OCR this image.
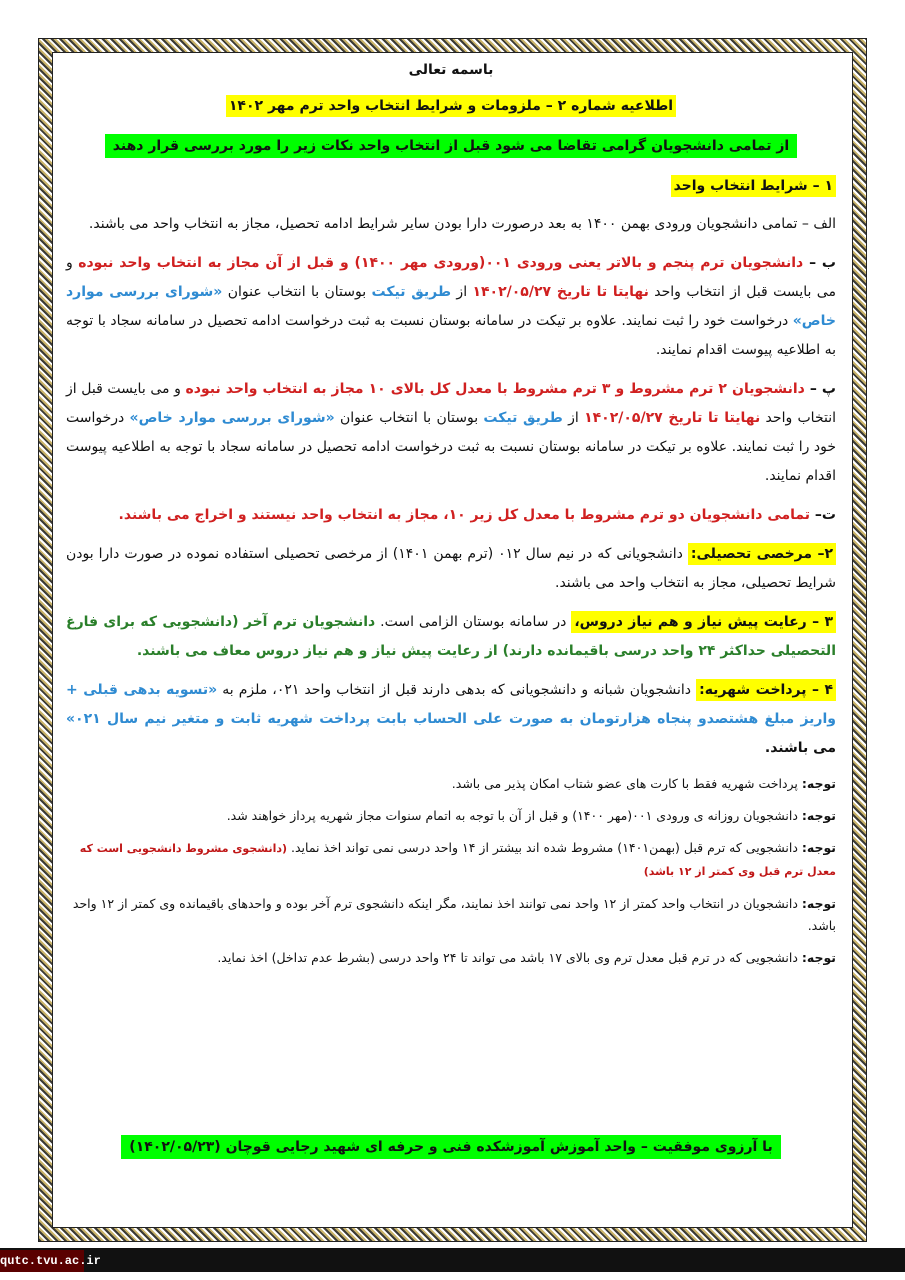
باسمه تعالی
اطلاعیه شماره ۲ – ملزومات و شرایط انتخاب واحد ترم مهر ۱۴۰۲
از تمامی دانشجویان گرامی تقاضا می شود قبل از انتخاب واحد نکات زیر را مورد بررسی قرار دهند
۱ – شرایط انتخاب واحد

الف – تمامی دانشجویان ورودی بهمن ۱۴۰۰ به بعد درصورت دارا بودن سایر شرایط ادامه تحصیل، مجاز به انتخاب واحد می باشند.

ب – دانشجویان ترم پنجم و بالاتر یعنی ورودی ۰۰۱(ورودی مهر ۱۴۰۰) و قبل از آن مجاز به انتخاب واحد نبوده و می بایست قبل از انتخاب واحد نهایتا تا تاریخ ۱۴۰۲/۰۵/۲۷ از طریق تیکت بوستان با انتخاب عنوان «شورای بررسی موارد خاص» درخواست خود را ثبت نمایند. علاوه بر تیکت در سامانه بوستان نسبت به ثبت درخواست ادامه تحصیل در سامانه سجاد با توجه به اطلاعیه پیوست اقدام نمایند.

پ – دانشجویان ۲ ترم مشروط و ۳ ترم مشروط با معدل کل بالای ۱۰ مجاز به انتخاب واحد نبوده و می بایست قبل از انتخاب واحد نهایتا تا تاریخ ۱۴۰۲/۰۵/۲۷ از طریق تیکت بوستان با انتخاب عنوان «شورای بررسی موارد خاص» درخواست خود را ثبت نمایند. علاوه بر تیکت در سامانه بوستان نسبت به ثبت درخواست ادامه تحصیل در سامانه سجاد با توجه به اطلاعیه پیوست اقدام نمایند.

ت– تمامی دانشجویان دو ترم مشروط با معدل کل زیر ۱۰، مجاز به انتخاب واحد نیستند و اخراج می باشند.

۲– مرخصی تحصیلی: دانشجویانی که در نیم سال ۰۱۲ (ترم بهمن ۱۴۰۱) از مرخصی تحصیلی استفاده نموده در صورت دارا بودن شرایط تحصیلی، مجاز به انتخاب واحد می باشند.

۳ – رعایت پیش نیاز و هم نیاز دروس، در سامانه بوستان الزامی است. دانشجویان ترم آخر (دانشجویی که برای فارغ التحصیلی حداکثر ۲۴ واحد درسی باقیمانده دارند) از رعایت پیش نیاز و هم نیاز دروس معاف می باشند.

۴ – پرداخت شهریه: دانشجویان شبانه و دانشجویانی که بدهی دارند قبل از انتخاب واحد ۰۲۱، ملزم به «تسویه بدهی قبلی + واریز مبلغ هشتصدو پنجاه هزارتومان به صورت علی الحساب بابت پرداخت شهریه ثابت و متغیر نیم سال ۰۲۱» می باشند.

توجه: پرداخت شهریه فقط با کارت های عضو شتاب امکان پذیر می باشد.

توجه: دانشجویان روزانه ی ورودی ۰۰۱(مهر ۱۴۰۰) و قبل از آن با توجه به اتمام سنوات مجاز شهریه پرداز خواهند شد.

توجه: دانشجویی که ترم قبل (بهمن۱۴۰۱) مشروط شده اند بیشتر از ۱۴ واحد درسی نمی تواند اخذ نماید. (دانشجوی مشروط دانشجویی است که معدل ترم قبل وی کمتر از ۱۲ باشد)

توجه: دانشجویان در انتخاب واحد کمتر از ۱۲ واحد نمی توانند اخذ نمایند، مگر اینکه دانشجوی ترم آخر بوده و واحدهای باقیمانده وی کمتر از ۱۲ واحد باشد.

توجه: دانشجویی که در ترم قبل معدل ترم وی بالای ۱۷ باشد می تواند تا ۲۴ واحد درسی (بشرط عدم تداخل) اخذ نماید.

با آرزوی موفقیت – واحد آموزش آموزشکده فنی و حرفه ای شهید رجایی قوچان (۱۴۰۲/۰۵/۲۳)
qutc.tvu.ac.ir
